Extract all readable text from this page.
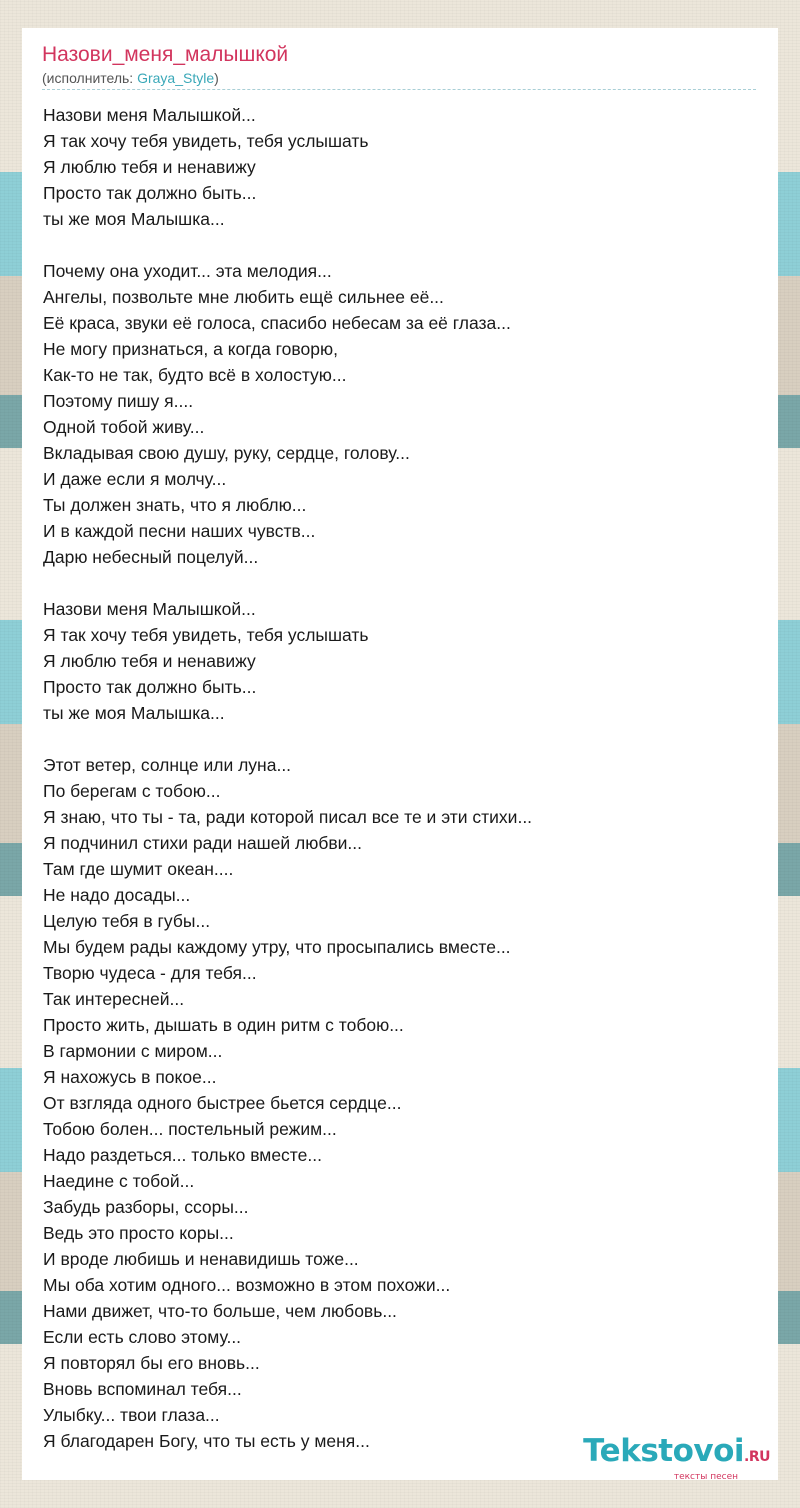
Назови_меня_малышкой
(исполнитель: Graya_Style)
Назови меня Малышкой...
Я так хочу тебя увидеть, тебя услышать
Я люблю тебя и ненавижу
Просто так должно быть...
ты же моя Малышка...
Почему она уходит... эта мелодия...
Ангелы, позвольте мне любить ещё сильнее её...
Её краса, звуки её голоса, спасибо небесам за её глаза...
Не могу признаться, а когда говорю,
Как-то не так, будто всё в холостую...
Поэтому пишу я....
Одной тобой живу...
Вкладывая свою душу, руку, сердце, голову...
И даже если я молчу...
Ты должен знать, что я люблю...
И в каждой песни наших чувств...
Дарю небесный поцелуй...
Назови меня Малышкой...
Я так хочу тебя увидеть, тебя услышать
Я люблю тебя и ненавижу
Просто так должно быть...
ты же моя Малышка...
Этот ветер, солнце или луна...
По берегам с тобою...
Я знаю, что ты - та, ради которой писал все те и эти стихи...
Я подчинил стихи ради нашей любви...
Там где шумит океан....
Не надо досады...
Целую тебя в губы...
Мы будем рады каждому утру, что просыпались вместе...
Творю чудеса - для тебя...
Так интересней...
Просто жить, дышать в один ритм с тобою...
В гармонии с миром...
Я нахожусь в покое...
От взгляда одного быстрее бьется сердце...
Тобою болен... постельный режим...
Надо раздеться... только вместе...
Наедине с тобой...
Забудь разборы, ссоры...
Ведь это просто коры...
И вроде любишь и ненавидишь тоже...
Мы оба хотим одного... возможно в этом похожи...
Нами движет, что-то больше, чем любовь...
Если есть слово этому...
Я повторял бы его вновь...
Вновь вспоминал тебя...
Улыбку... твои глаза...
Я благодарен Богу, что ты есть у меня...	Tekstovoi.RU
тексты песен
